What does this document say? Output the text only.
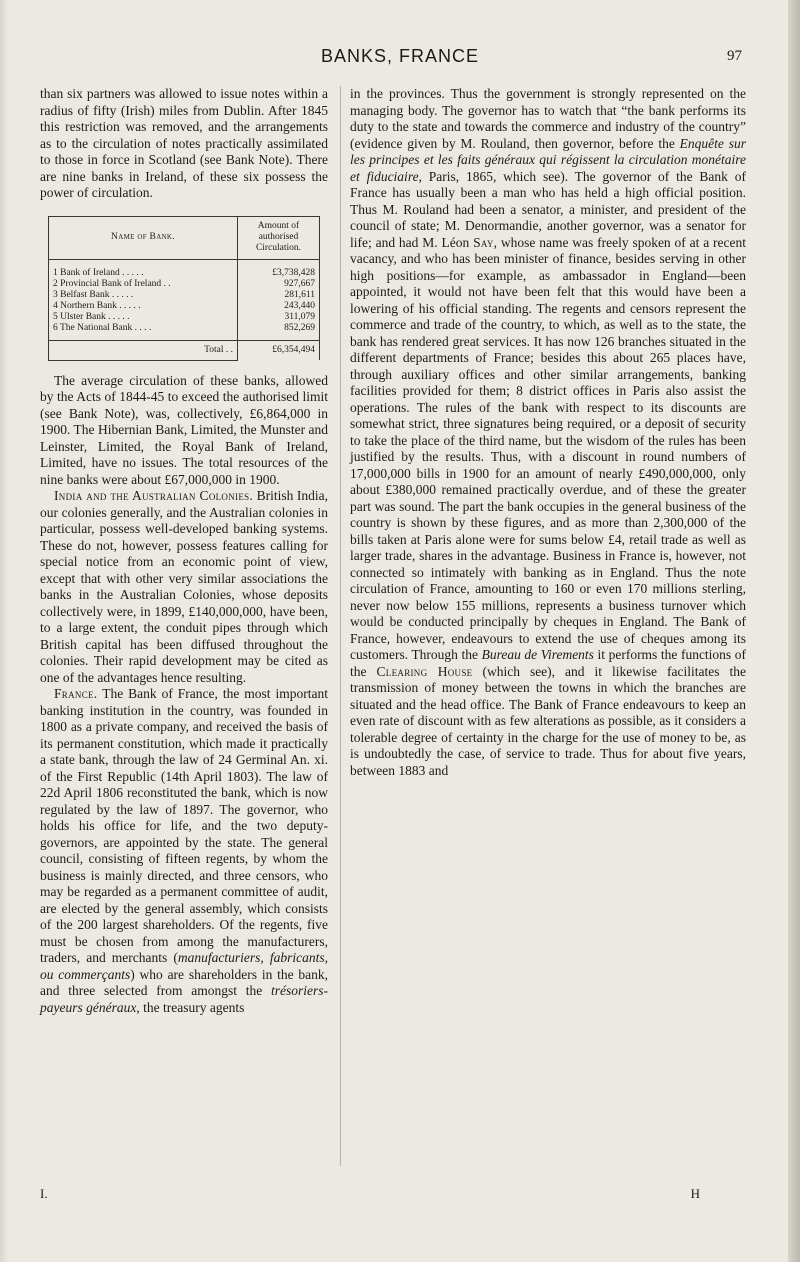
BANKS, FRANCE	97

than six partners was allowed to issue notes within a radius of fifty (Irish) miles from Dublin. After 1845 this restriction was removed, and the arrangements as to the circulation of notes practically assimilated to those in force in Scotland (see Bank Note). There are nine banks in Ireland, of these six possess the power of circulation.

Name of Bank.	Amount of authorised Circulation.
1 Bank of Ireland . . . . .	£3,738,428
2 Provincial Bank of Ireland . .	927,667
3 Belfast Bank . . . . .	281,611
4 Northern Bank . . . . .	243,440
5 Ulster Bank . . . . .	311,079
6 The National Bank . . . .	852,269
Total . .	£6,354,494

The average circulation of these banks, allowed by the Acts of 1844-45 to exceed the authorised limit (see Bank Note), was, collectively, £6,864,000 in 1900. The Hibernian Bank, Limited, the Munster and Leinster, Limited, the Royal Bank of Ireland, Limited, have no issues. The total resources of the nine banks were about £67,000,000 in 1900.

India and the Australian Colonies. British India, our colonies generally, and the Australian colonies in particular, possess well-developed banking systems. These do not, however, possess features calling for special notice from an economic point of view, except that with other very similar associations the banks in the Australian Colonies, whose deposits collectively were, in 1899, £140,000,000, have been, to a large extent, the conduit pipes through which British capital has been diffused throughout the colonies. Their rapid development may be cited as one of the advantages hence resulting.

France. The Bank of France, the most important banking institution in the country, was founded in 1800 as a private company, and received the basis of its permanent constitution, which made it practically a state bank, through the law of 24 Germinal An. xi. of the First Republic (14th April 1803). The law of 22d April 1806 reconstituted the bank, which is now regulated by the law of 1897. The governor, who holds his office for life, and the two deputy-governors, are appointed by the state. The general council, consisting of fifteen regents, by whom the business is mainly directed, and three censors, who may be regarded as a permanent committee of audit, are elected by the general assembly, which consists of the 200 largest shareholders. Of the regents, five must be chosen from among the manufacturers, traders, and merchants (manufacturiers, fabricants, ou commerçants) who are shareholders in the bank, and three selected from amongst the trésoriers-payeurs généraux, the treasury agents

in the provinces. Thus the government is strongly represented on the managing body. The governor has to watch that “the bank performs its duty to the state and towards the commerce and industry of the country” (evidence given by M. Rouland, then governor, before the Enquête sur les principes et les faits généraux qui régissent la circulation monétaire et fiduciaire, Paris, 1865, which see). The governor of the Bank of France has usually been a man who has held a high official position. Thus M. Rouland had been a senator, a minister, and president of the council of state; M. Denormandie, another governor, was a senator for life; and had M. Léon Say, whose name was freely spoken of at a recent vacancy, and who has been minister of finance, besides serving in other high positions—for example, as ambassador in England—been appointed, it would not have been felt that this would have been a lowering of his official standing. The regents and censors represent the commerce and trade of the country, to which, as well as to the state, the bank has rendered great services. It has now 126 branches situated in the different departments of France; besides this about 265 places have, through auxiliary offices and other similar arrangements, banking facilities provided for them; 8 district offices in Paris also assist the operations. The rules of the bank with respect to its discounts are somewhat strict, three signatures being required, or a deposit of security to take the place of the third name, but the wisdom of the rules has been justified by the results. Thus, with a discount in round numbers of 17,000,000 bills in 1900 for an amount of nearly £490,000,000, only about £380,000 remained practically overdue, and of these the greater part was sound. The part the bank occupies in the general business of the country is shown by these figures, and as more than 2,300,000 of the bills taken at Paris alone were for sums below £4, retail trade as well as larger trade, shares in the advantage. Business in France is, however, not connected so intimately with banking as in England. Thus the note circulation of France, amounting to 160 or even 170 millions sterling, never now below 155 millions, represents a business turnover which would be conducted principally by cheques in England. The Bank of France, however, endeavours to extend the use of cheques among its customers. Through the Bureau de Virements it performs the functions of the Clearing House (which see), and it likewise facilitates the transmission of money between the towns in which the branches are situated and the head office. The Bank of France endeavours to keep an even rate of discount with as few alterations as possible, as it considers a tolerable degree of certainty in the charge for the use of money to be, as is undoubtedly the case, of service to trade. Thus for about five years, between 1883 and

I.	H
